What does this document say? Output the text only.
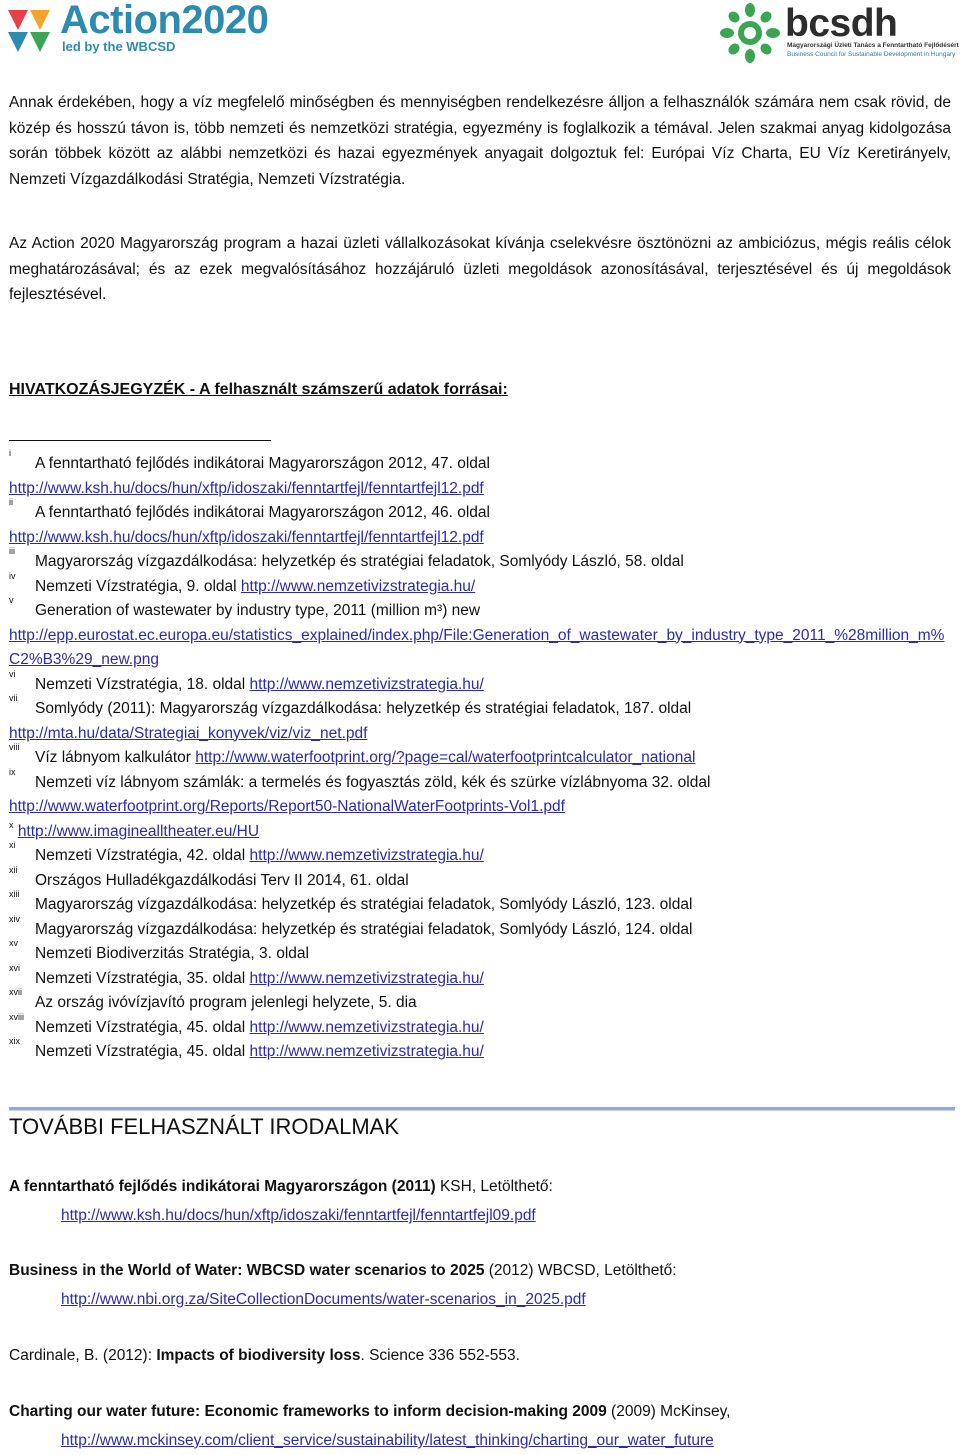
Action2020
led by the WBCSD
bcsdh
Magyarországi Üzleti Tanács a Fenntartható Fejlődésért
Business Council for Sustainable Development in Hungary

Annak érdekében, hogy a víz megfelelő minőségben és mennyiségben rendelkezésre álljon a felhasználók számára nem csak rövid, de közép és hosszú távon is, több nemzeti és nemzetközi stratégia, egyezmény is foglalkozik a témával. Jelen szakmai anyag kidolgozása során többek között az alábbi nemzetközi és hazai egyezmények anyagait dolgoztuk fel: Európai Víz Charta, EU Víz Keretirányelv, Nemzeti Vízgazdálkodási Stratégia, Nemzeti Vízstratégia.

Az Action 2020 Magyarország program a hazai üzleti vállalkozásokat kívánja cselekvésre ösztönözni az ambiciózus, mégis reális célok meghatározásával; és az ezek megvalósításához hozzájáruló üzleti megoldások azonosításával, terjesztésével és új megoldások fejlesztésével.

HIVATKOZÁSJEGYZÉK - A felhasznált számszerű adatok forrásai:
i
A fenntartható fejlődés indikátorai Magyarországon 2012, 47. oldal
http://www.ksh.hu/docs/hun/xftp/idoszaki/fenntartfejl/fenntartfejl12.pdf
ii
A fenntartható fejlődés indikátorai Magyarországon 2012, 46. oldal
http://www.ksh.hu/docs/hun/xftp/idoszaki/fenntartfejl/fenntartfejl12.pdf
iii
Magyarország vízgazdálkodása: helyzetkép és stratégiai feladatok, Somlyódy László, 58. oldal
iv
Nemzeti Vízstratégia, 9. oldal http://www.nemzetivizstrategia.hu/
v
Generation of wastewater by industry type, 2011 (million m³) new
http://epp.eurostat.ec.europa.eu/statistics_explained/index.php/File:Generation_of_wastewater_by_industry_type_2011_%28million_m%C2%B3%29_new.png
vi
Nemzeti Vízstratégia, 18. oldal http://www.nemzetivizstrategia.hu/
vii
Somlyódy (2011): Magyarország vízgazdálkodása: helyzetkép és stratégiai feladatok, 187. oldal
http://mta.hu/data/Strategiai_konyvek/viz/viz_net.pdf
viii
Víz lábnyom kalkulátor http://www.waterfootprint.org/?page=cal/waterfootprintcalculator_national
ix
Nemzeti víz lábnyom számlák: a termelés és fogyasztás zöld, kék és szürke vízlábnyoma 32. oldal
http://www.waterfootprint.org/Reports/Report50-NationalWaterFootprints-Vol1.pdf
$^x$ http://www.imaginealltheater.eu/HU
xi
Nemzeti Vízstratégia, 42. oldal http://www.nemzetivizstrategia.hu/
xii
Országos Hulladékgazdálkodási Terv II 2014, 61. oldal
xiii
Magyarország vízgazdálkodása: helyzetkép és stratégiai feladatok, Somlyódy László, 123. oldal
xiv
Magyarország vízgazdálkodása: helyzetkép és stratégiai feladatok, Somlyódy László, 124. oldal
xv
Nemzeti Biodiverzitás Stratégia, 3. oldal
xvi
Nemzeti Vízstratégia, 35. oldal http://www.nemzetivizstrategia.hu/
xvii
Az ország ivóvízjavító program jelenlegi helyzete, 5. dia
xviii
Nemzeti Vízstratégia, 45. oldal http://www.nemzetivizstrategia.hu/
xix
Nemzeti Vízstratégia, 45. oldal http://www.nemzetivizstrategia.hu/
TOVÁBBI FELHASZNÁLT IRODALMAK
A fenntartható fejlődés indikátorai Magyarországon (2011) KSH, Letölthető:
http://www.ksh.hu/docs/hun/xftp/idoszaki/fenntartfejl/fenntartfejl09.pdf
Business in the World of Water: WBCSD water scenarios to 2025 (2012) WBCSD, Letölthető:
http://www.nbi.org.za/SiteCollectionDocuments/water-scenarios_in_2025.pdf
Cardinale, B. (2012): Impacts of biodiversity loss. Science 336 552-553.
Charting our water future: Economic frameworks to inform decision-making 2009 (2009) McKinsey,
http://www.mckinsey.com/client_service/sustainability/latest_thinking/charting_our_water_future
